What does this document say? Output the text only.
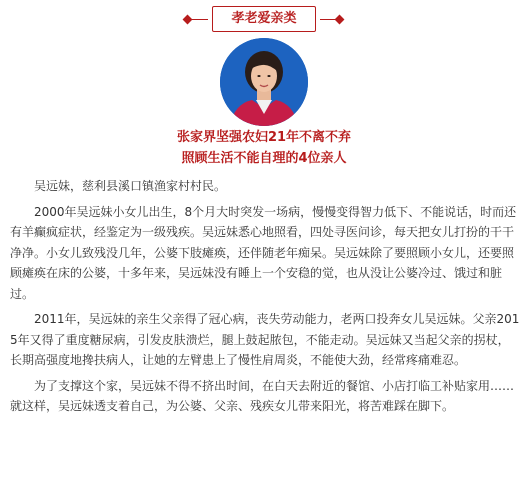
孝老爱亲类
张家界坚强农妇21年不离不弃
照顾生活不能自理的4位亲人

吴远妹，慈利县溪口镇渔家村村民。

2000年吴远妹小女儿出生，8个月大时突发一场病，慢慢变得智力低下、不能说话，时而还有羊癫疯症状，经鉴定为一级残疾。吴远妹悉心地照看，四处寻医问诊，每天把女儿打扮的干干净净。小女儿致残没几年，公婆下肢瘫痪，还伴随老年痴呆。吴远妹除了要照顾小女儿，还要照顾瘫痪在床的公婆，十多年来，吴远妹没有睡上一个安稳的觉，也从没让公婆冷过、饿过和脏过。

2011年，吴远妹的亲生父亲得了冠心病，丧失劳动能力，老两口投奔女儿吴远妹。父亲2015年又得了重度糖尿病，引发皮肤溃烂，腿上鼓起脓包，不能走动。吴远妹又当起父亲的拐杖，长期高强度地搀扶病人，让她的左臂患上了慢性肩周炎，不能使大劲，经常疼痛难忍。

为了支撑这个家，吴远妹不得不挤出时间，在白天去附近的餐馆、小店打临工补贴家用……就这样，吴远妹透支着自己，为公婆、父亲、残疾女儿带来阳光，将苦难踩在脚下。
